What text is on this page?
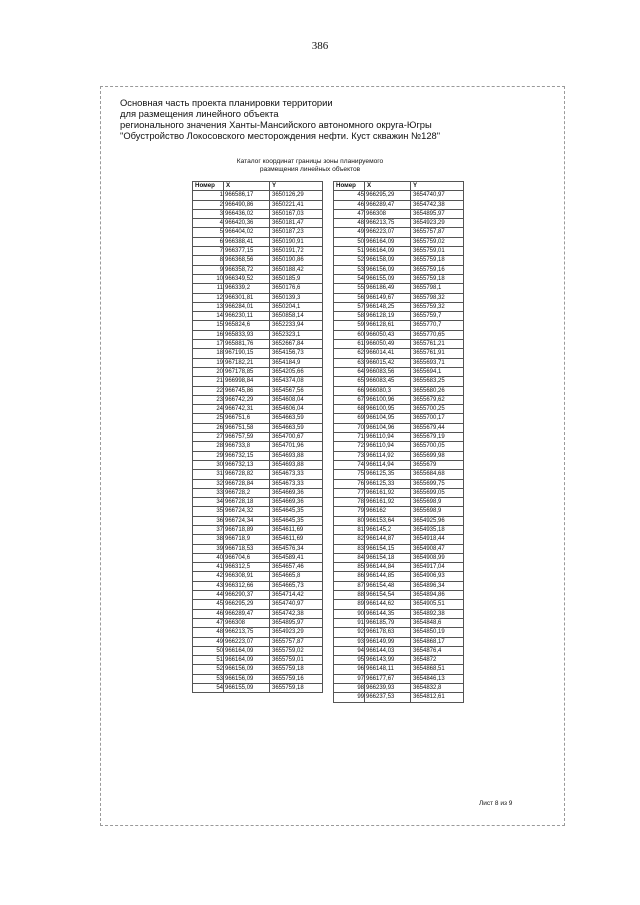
386
Основная часть проекта планировки территории
для размещения линейного объекта
регионального значения Ханты-Мансийского автономного округа-Югры
"Обустройство Локосовского месторождения нефти. Куст скважин №128"
Каталог координат границы зоны планируемого
размещения линейных объектов
Номер	X	Y
1	966586,17	3650126,29
2	966490,86	3650221,41
3	966436,02	3650167,03
4	966420,36	3650181,47
5	966404,02	3650187,23
6	966388,41	3650190,91
7	966377,15	3650191,72
8	966368,56	3650190,86
9	966358,72	3650188,42
10	966349,52	3650185,9
11	966339,2	3650176,6
12	966301,81	3650139,3
13	966284,01	3650204,1
14	966230,11	3650858,14
15	965824,6	3652233,94
16	965833,93	3652323,1
17	965881,76	3652667,84
18	967190,15	3654156,73
19	967182,21	3654184,9
20	967178,85	3654205,66
21	966998,84	3654374,08
22	966745,86	3654567,56
23	966742,29	3654608,04
24	966742,31	3654606,04
25	966751,6	3654663,59
26	966751,58	3654663,59
27	966757,59	3654700,67
28	966733,8	3654701,96
29	966732,15	3654693,88
30	966732,13	3654693,88
31	966728,82	3654673,33
32	966728,84	3654673,33
33	966728,2	3654669,36
34	966728,18	3654669,36
35	966724,32	3654645,35
36	966724,34	3654645,35
37	966718,89	3654611,69
38	966718,9	3654611,69
39	966718,53	3654576,34
40	966704,6	3654589,41
41	966312,5	3654657,46
42	966308,91	3654665,8
43	966312,66	3654665,73
44	966290,37	3654714,42
45	966295,29	3654740,97
46	966289,47	3654742,38
47	966308	3654895,97
48	966213,75	3654923,29
49	966223,07	3655757,87
50	966164,09	3655759,02
51	966164,09	3655759,01
52	966156,09	3655759,18
53	966156,09	3655759,16
54	966155,09	3655759,18
Номер	X	Y
45	966295,29	3654740,97
46	966289,47	3654742,38
47	966308	3654895,97
48	966213,75	3654923,29
49	966223,07	3655757,87
50	966164,09	3655759,02
51	966164,09	3655759,01
52	966158,09	3655759,18
53	966156,09	3655759,16
54	966155,09	3655759,18
55	966186,49	3655798,1
56	966149,67	3655798,32
57	966148,25	3655759,32
58	966128,19	3655759,7
59	966128,61	3655770,7
60	966050,43	3655770,65
61	966050,49	3655761,21
62	966014,41	3655761,91
63	966015,42	3655693,71
64	966083,56	3655694,1
65	966083,45	3655683,25
66	966080,3	3655680,26
67	966100,96	3655679,62
68	966100,95	3655700,25
69	966104,95	3655700,17
70	966104,96	3655679,44
71	966110,94	3655679,19
72	966110,94	3655700,05
73	966114,92	3655699,98
74	966114,94	3655679
75	966125,35	3655684,68
76	966125,33	3655699,75
77	966161,92	3655699,05
78	966161,92	3655698,9
79	966162	3655698,9
80	966153,64	3654925,96
81	966145,2	3654935,18
82	966144,87	3654918,44
83	966154,15	3654908,47
84	966154,18	3654908,99
85	966144,84	3654917,04
86	966144,85	3654906,93
87	966154,48	3654896,34
88	966154,54	3654894,86
89	966144,62	3654905,51
90	966144,35	3654892,38
91	966185,79	3654848,6
92	966178,63	3654850,19
93	966149,99	3654868,17
94	966144,03	3654876,4
95	966143,99	3654872
96	966148,11	3654868,51
97	966177,67	3654846,13
98	966239,93	3654832,8
99	966237,53	3654812,61
Лист 8 из 9
